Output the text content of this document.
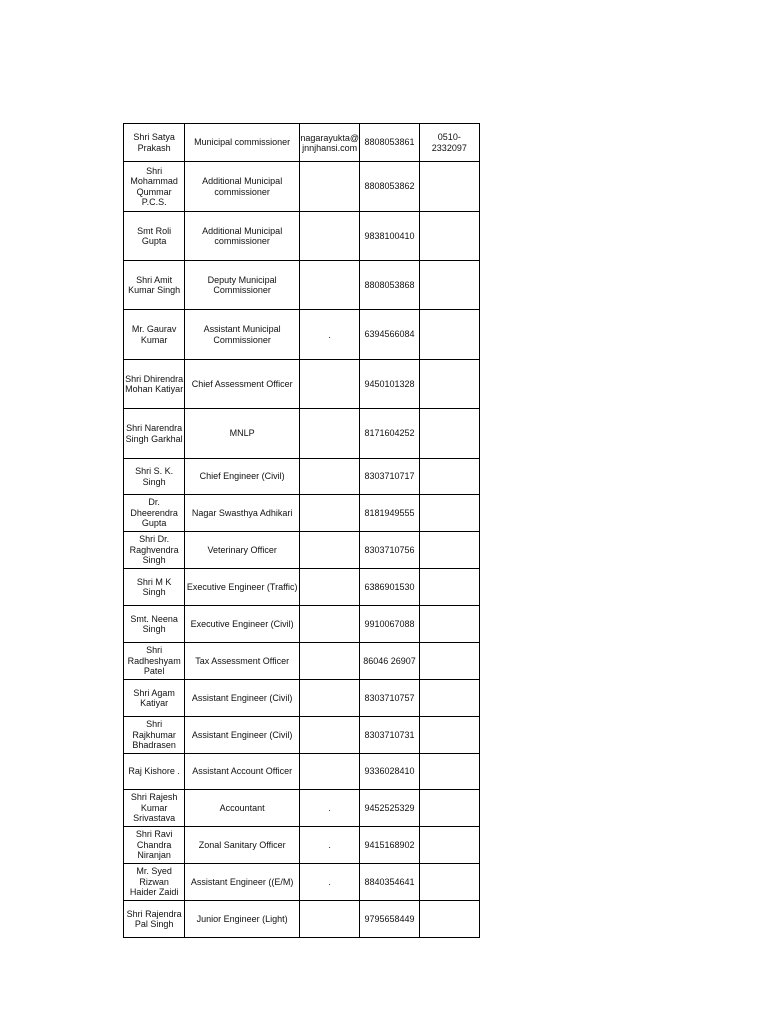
Shri Satya Prakash	Municipal commissioner	nagarayukta@ jnnjhansi.com	8808053861	0510-2332097
Shri Mohammad Qummar P.C.S.	Additional Municipal commissioner		8808053862	
Smt Roli Gupta	Additional Municipal commissioner		9838100410	
Shri Amit Kumar Singh	Deputy Municipal Commissioner		8808053868	
Mr. Gaurav Kumar	Assistant Municipal Commissioner	.	6394566084	
Shri Dhirendra Mohan Katiyar	Chief Assessment Officer		9450101328	
Shri Narendra Singh Garkhal	MNLP		8171604252	
Shri S. K. Singh	Chief Engineer (Civil)		8303710717	
Dr. Dheerendra Gupta	Nagar Swasthya Adhikari		8181949555	
Shri Dr. Raghvendra Singh	Veterinary Officer		8303710756	
Shri M K Singh	Executive Engineer (Traffic)		6386901530	
Smt. Neena Singh	Executive Engineer (Civil)		9910067088	
Shri Radheshyam Patel	Tax Assessment Officer		86046 26907	
Shri Agam Katiyar	Assistant Engineer (Civil)		8303710757	
Shri Rajkhumar Bhadrasen	Assistant Engineer (Civil)		8303710731	
Raj Kishore .	Assistant Account Officer		9336028410	
Shri Rajesh Kumar Srivastava	Accountant	.	9452525329	
Shri Ravi Chandra Niranjan	Zonal Sanitary Officer	.	9415168902	
Mr. Syed Rizwan Haider Zaidi	Assistant Engineer ((E/M)	.	8840354641	
Shri Rajendra Pal Singh	Junior Engineer (Light)		9795658449	
